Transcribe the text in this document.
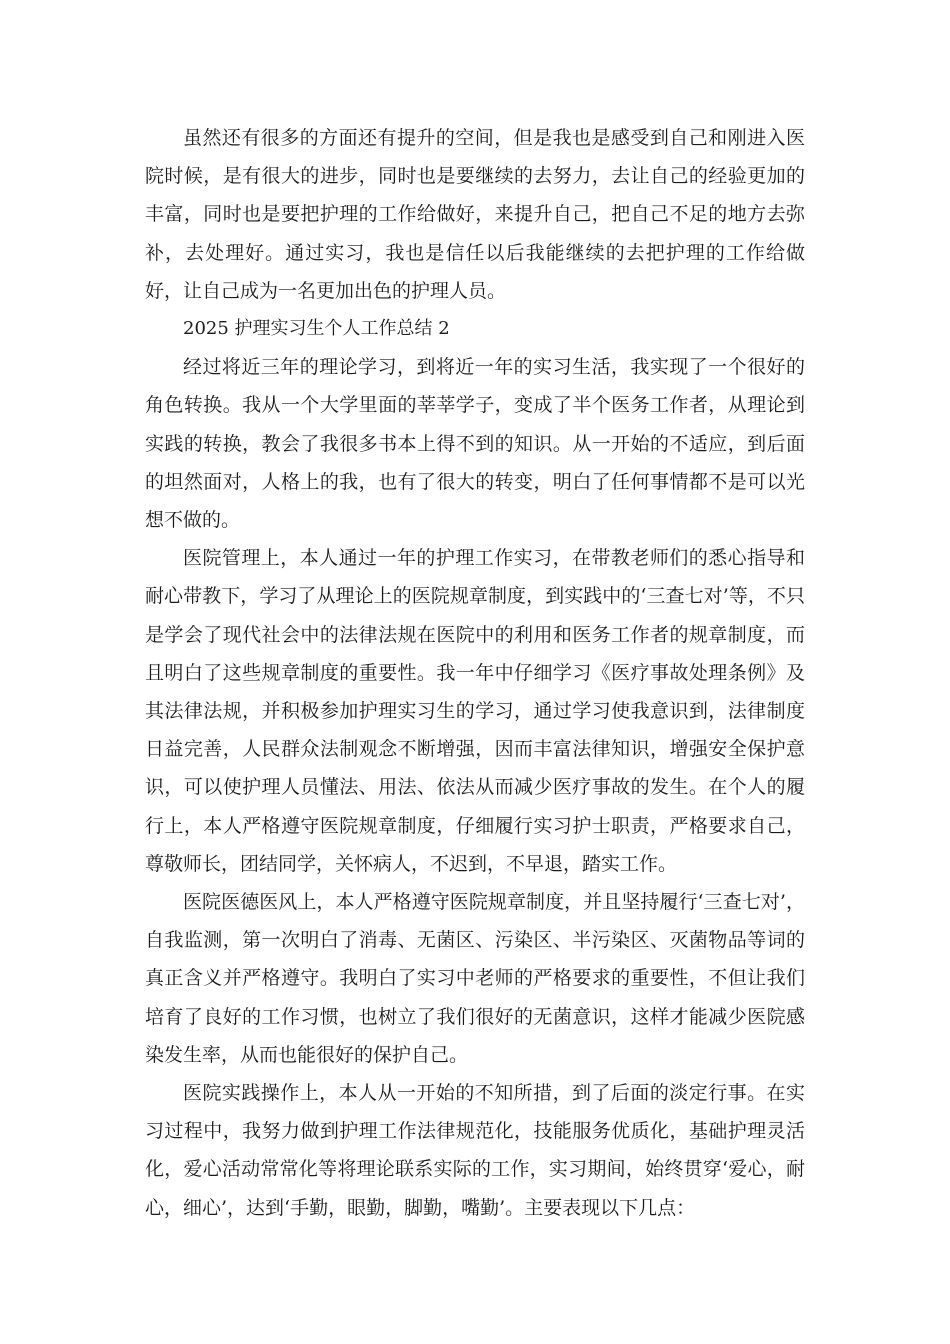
虽然还有很多的方面还有提升的空间，但是我也是感受到自己和刚进入医院时候，是有很大的进步，同时也是要继续的去努力，去让自己的经验更加的丰富，同时也是要把护理的工作给做好，来提升自己，把自己不足的地方去弥补，去处理好。通过实习，我也是信任以后我能继续的去把护理的工作给做好，让自己成为一名更加出色的护理人员。

2025 护理实习生个人工作总结 2

经过将近三年的理论学习，到将近一年的实习生活，我实现了一个很好的角色转换。我从一个大学里面的莘莘学子，变成了半个医务工作者，从理论到实践的转换，教会了我很多书本上得不到的知识。从一开始的不适应，到后面的坦然面对，人格上的我，也有了很大的转变，明白了任何事情都不是可以光想不做的。

医院管理上，本人通过一年的护理工作实习，在带教老师们的悉心指导和耐心带教下，学习了从理论上的医院规章制度，到实践中的‘三查七对’等，不只是学会了现代社会中的法律法规在医院中的利用和医务工作者的规章制度，而且明白了这些规章制度的重要性。我一年中仔细学习《医疗事故处理条例》及其法律法规，并积极参加护理实习生的学习，通过学习使我意识到，法律制度日益完善，人民群众法制观念不断增强，因而丰富法律知识，增强安全保护意识，可以使护理人员懂法、用法、依法从而减少医疗事故的发生。在个人的履行上，本人严格遵守医院规章制度，仔细履行实习护士职责，严格要求自己，尊敬师长，团结同学，关怀病人，不迟到，不早退，踏实工作。

医院医德医风上，本人严格遵守医院规章制度，并且坚持履行‘三查七对’，自我监测，第一次明白了消毒、无菌区、污染区、半污染区、灭菌物品等词的真正含义并严格遵守。我明白了实习中老师的严格要求的重要性，不但让我们培育了良好的工作习惯，也树立了我们很好的无菌意识，这样才能减少医院感染发生率，从而也能很好的保护自己。

医院实践操作上，本人从一开始的不知所措，到了后面的淡定行事。在实习过程中，我努力做到护理工作法律规范化，技能服务优质化，基础护理灵活化，爱心活动常常化等将理论联系实际的工作，实习期间，始终贯穿‘爱心，耐心，细心’，达到‘手勤，眼勤，脚勤，嘴勤’。主要表现以下几点：
